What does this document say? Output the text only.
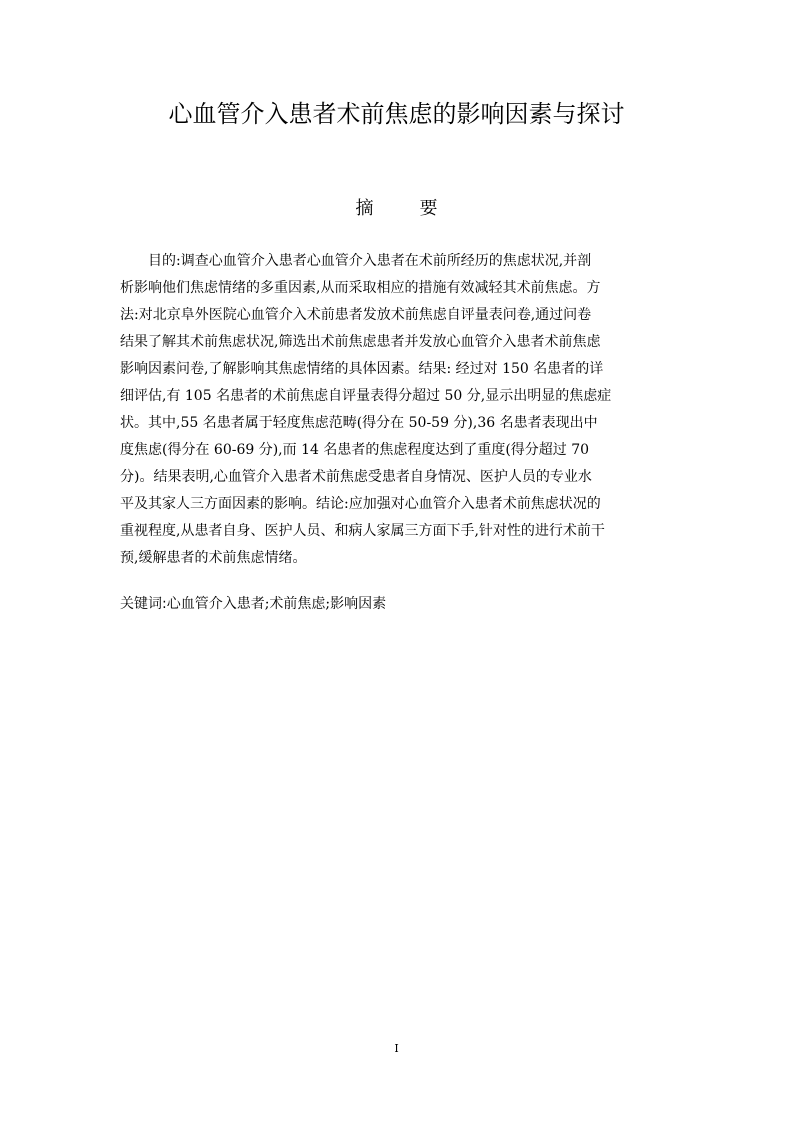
心血管介入患者术前焦虑的影响因素与探讨
摘要
目的:调查心血管介入患者心血管介入患者在术前所经历的焦虑状况,并剖
析影响他们焦虑情绪的多重因素,从而采取相应的措施有效减轻其术前焦虑。方
法:对北京阜外医院心血管介入术前患者发放术前焦虑自评量表问卷,通过问卷
结果了解其术前焦虑状况,筛选出术前焦虑患者并发放心血管介入患者术前焦虑
影响因素问卷,了解影响其焦虑情绪的具体因素。结果: 经过对 150 名患者的详
细评估,有 105 名患者的术前焦虑自评量表得分超过 50 分,显示出明显的焦虑症
状。其中,55 名患者属于轻度焦虑范畴(得分在 50-59 分),36 名患者表现出中
度焦虑(得分在 60-69 分),而 14 名患者的焦虑程度达到了重度(得分超过 70
分)。结果表明,心血管介入患者术前焦虑受患者自身情况、医护人员的专业水
平及其家人三方面因素的影响。结论:应加强对心血管介入患者术前焦虑状况的
重视程度,从患者自身、医护人员、和病人家属三方面下手,针对性的进行术前干
预,缓解患者的术前焦虑情绪。
关键词:心血管介入患者;术前焦虑;影响因素
I
